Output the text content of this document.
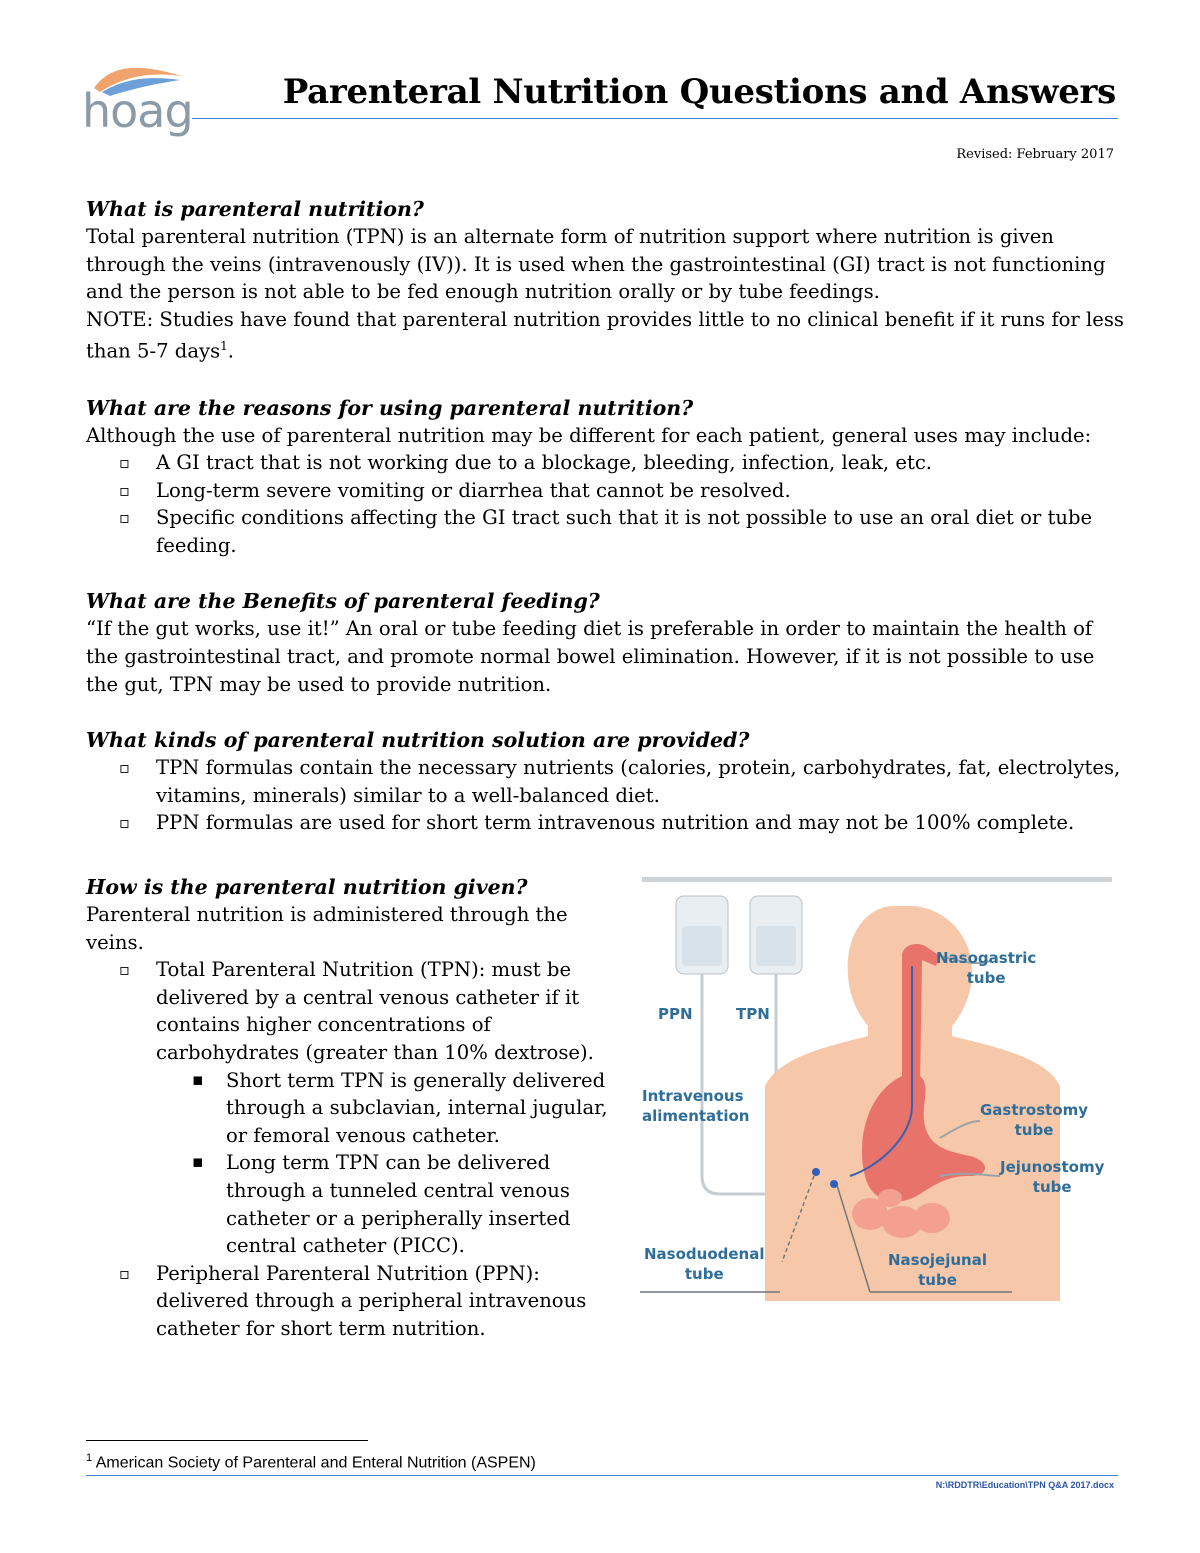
hoag	Parenteral Nutrition Questions and Answers
Revised: February 2017

What is parenteral nutrition?

Total parenteral nutrition (TPN) is an alternate form of nutrition support where nutrition is given through the veins (intravenously (IV)). It is used when the gastrointestinal (GI) tract is not functioning and the person is not able to be fed enough nutrition orally or by tube feedings.

NOTE: Studies have found that parenteral nutrition provides little to no clinical benefit if it runs for less than 5-7 days$^1$.

What are the reasons for using parenteral nutrition?

Although the use of parenteral nutrition may be different for each patient, general uses may include:

▫ A GI tract that is not working due to a blockage, bleeding, infection, leak, etc.
▫ Long-term severe vomiting or diarrhea that cannot be resolved.
▫ Specific conditions affecting the GI tract such that it is not possible to use an oral diet or tube feeding.

What are the Benefits of parenteral feeding?

“If the gut works, use it!” An oral or tube feeding diet is preferable in order to maintain the health of the gastrointestinal tract, and promote normal bowel elimination. However, if it is not possible to use the gut, TPN may be used to provide nutrition.

What kinds of parenteral nutrition solution are provided?

▫ TPN formulas contain the necessary nutrients (calories, protein, carbohydrates, fat, electrolytes, vitamins, minerals) similar to a well-balanced diet.
▫ PPN formulas are used for short term intravenous nutrition and may not be 100% complete.

How is the parenteral nutrition given?

Parenteral nutrition is administered through the veins.

▫ Total Parenteral Nutrition (TPN): must be delivered by a central venous catheter if it contains higher concentrations of carbohydrates (greater than 10% dextrose).
▪ Short term TPN is generally delivered through a subclavian, internal jugular, or femoral venous catheter.
▪ Long term TPN can be delivered through a tunneled central venous catheter or a peripherally inserted central catheter (PICC).
▫ Peripheral Parenteral Nutrition (PPN): delivered through a peripheral intravenous catheter for short term nutrition.
PPN	TPN
Nasogastric
tube
Intravenous
alimentation	Gastrostomy
tube
Jejunostomy
tube
Nasoduodenal
tube
Nasojejunal
tube
$^1$ American Society of Parenteral and Enteral Nutrition (ASPEN)
N:\RDDTR\Education\TPN Q&A 2017.docx
